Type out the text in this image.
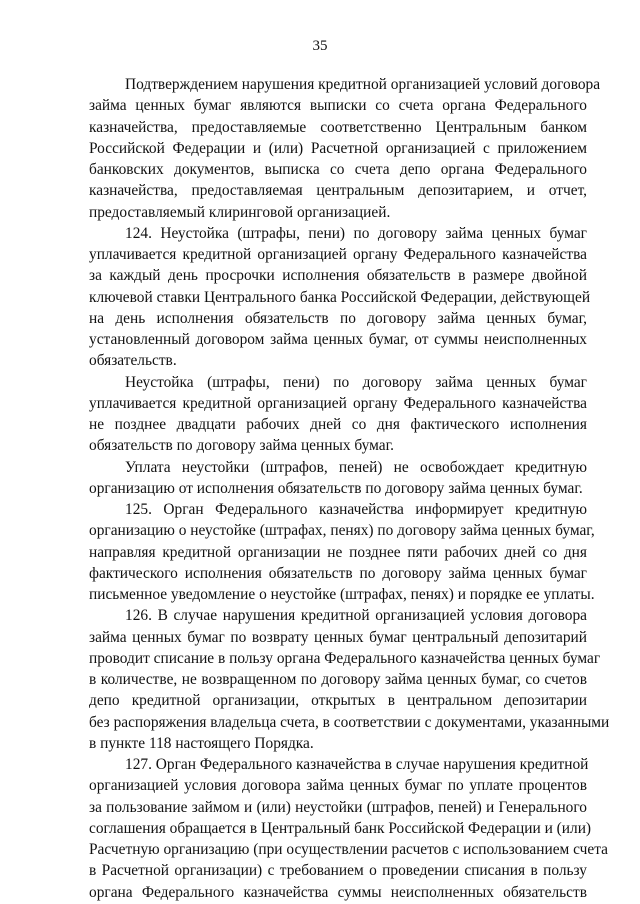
35
Подтверждением нарушения кредитной организацией условий договора
займа ценных бумаг являются выписки со счета органа Федерального
казначейства, предоставляемые соответственно Центральным банком
Российской Федерации и (или) Расчетной организацией с приложением
банковских документов, выписка со счета депо органа Федерального
казначейства, предоставляемая центральным депозитарием, и отчет,
предоставляемый клиринговой организацией.
124. Неустойка (штрафы, пени) по договору займа ценных бумаг
уплачивается кредитной организацией органу Федерального казначейства
за каждый день просрочки исполнения обязательств в размере двойной
ключевой ставки Центрального банка Российской Федерации, действующей
на день исполнения обязательств по договору займа ценных бумаг,
установленный договором займа ценных бумаг, от суммы неисполненных
обязательств.
Неустойка (штрафы, пени) по договору займа ценных бумаг
уплачивается кредитной организацией органу Федерального казначейства
не позднее двадцати рабочих дней со дня фактического исполнения
обязательств по договору займа ценных бумаг.
Уплата неустойки (штрафов, пеней) не освобождает кредитную
организацию от исполнения обязательств по договору займа ценных бумаг.
125. Орган Федерального казначейства информирует кредитную
организацию о неустойке (штрафах, пенях) по договору займа ценных бумаг,
направляя кредитной организации не позднее пяти рабочих дней со дня
фактического исполнения обязательств по договору займа ценных бумаг
письменное уведомление о неустойке (штрафах, пенях) и порядке ее уплаты.
126. В случае нарушения кредитной организацией условия договора
займа ценных бумаг по возврату ценных бумаг центральный депозитарий
проводит списание в пользу органа Федерального казначейства ценных бумаг
в количестве, не возвращенном по договору займа ценных бумаг, со счетов
депо кредитной организации, открытых в центральном депозитарии
без распоряжения владельца счета, в соответствии с документами, указанными
в пункте 118 настоящего Порядка.
127. Орган Федерального казначейства в случае нарушения кредитной
организацией условия договора займа ценных бумаг по уплате процентов
за пользование займом и (или) неустойки (штрафов, пеней) и Генерального
соглашения обращается в Центральный банк Российской Федерации и (или)
Расчетную организацию (при осуществлении расчетов с использованием счета
в Расчетной организации) с требованием о проведении списания в пользу
органа Федерального казначейства суммы неисполненных обязательств
